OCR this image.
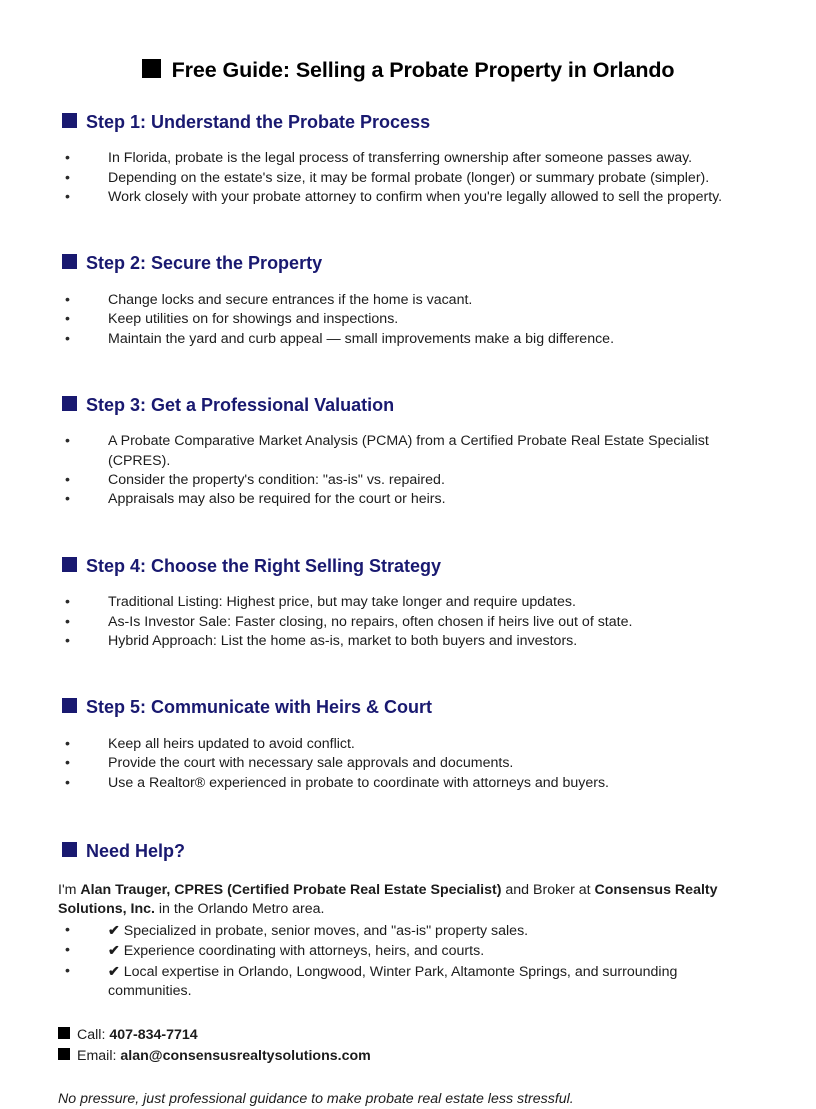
Free Guide: Selling a Probate Property in Orlando
Step 1: Understand the Probate Process
•	In Florida, probate is the legal process of transferring ownership after someone passes away.
•	Depending on the estate's size, it may be formal probate (longer) or summary probate (simpler).
•	Work closely with your probate attorney to confirm when you're legally allowed to sell the property.
Step 2: Secure the Property
•	Change locks and secure entrances if the home is vacant.
•	Keep utilities on for showings and inspections.
•	Maintain the yard and curb appeal — small improvements make a big difference.
Step 3: Get a Professional Valuation
•	A Probate Comparative Market Analysis (PCMA) from a Certified Probate Real Estate Specialist (CPRES).
•	Consider the property's condition: "as-is" vs. repaired.
•	Appraisals may also be required for the court or heirs.
Step 4: Choose the Right Selling Strategy
•	Traditional Listing: Highest price, but may take longer and require updates.
•	As-Is Investor Sale: Faster closing, no repairs, often chosen if heirs live out of state.
•	Hybrid Approach: List the home as-is, market to both buyers and investors.
Step 5: Communicate with Heirs & Court
•	Keep all heirs updated to avoid conflict.
•	Provide the court with necessary sale approvals and documents.
•	Use a Realtor® experienced in probate to coordinate with attorneys and buyers.
Need Help?
I'm Alan Trauger, CPRES (Certified Probate Real Estate Specialist) and Broker at Consensus Realty Solutions, Inc. in the Orlando Metro area.
•	✔ Specialized in probate, senior moves, and "as-is" property sales.
•	✔ Experience coordinating with attorneys, heirs, and courts.
•	✔ Local expertise in Orlando, Longwood, Winter Park, Altamonte Springs, and surrounding communities.
Call: 407-834-7714
Email: alan@consensusrealtysolutions.com
No pressure, just professional guidance to make probate real estate less stressful.
